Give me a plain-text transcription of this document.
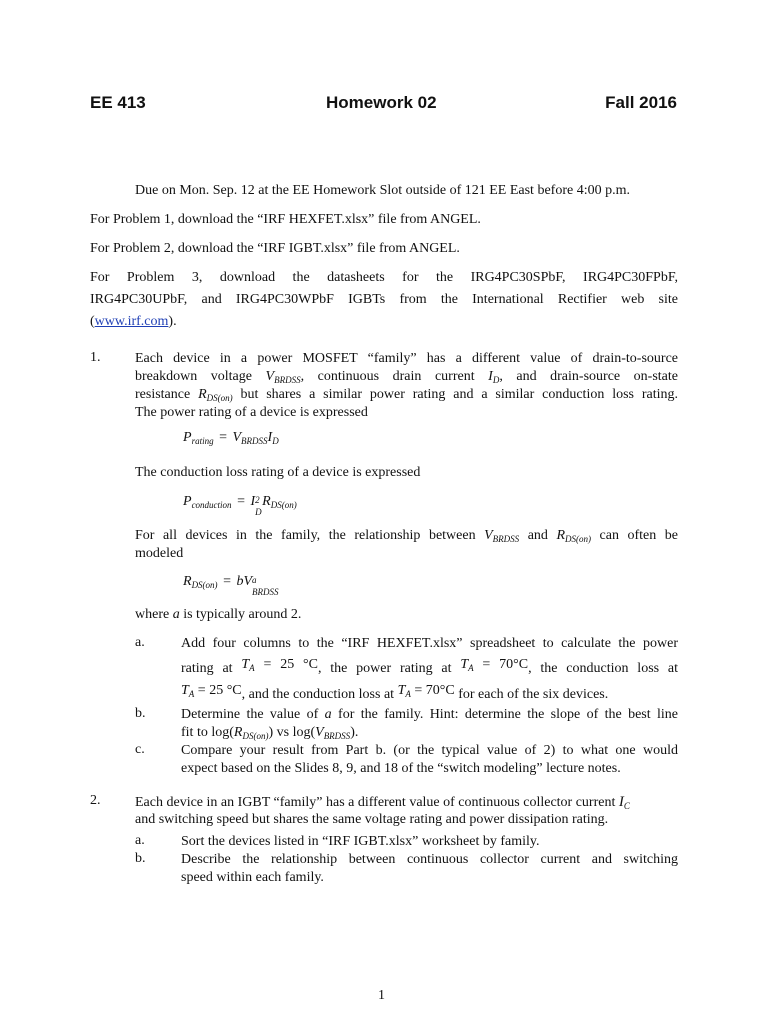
EE 413	Homework 02	Fall 2016
Due on Mon. Sep. 12 at the EE Homework Slot outside of 121 EE East before 4:00 p.m.
For Problem 1, download the “IRF HEXFET.xlsx” file from ANGEL.
For Problem 2, download the “IRF IGBT.xlsx” file from ANGEL.
For Problem 3, download the datasheets for the IRG4PC30SPbF, IRG4PC30FPbF,
IRG4PC30UPbF, and IRG4PC30WPbF IGBTs from the International Rectifier web site
(www.irf.com).
1. Each device in a power MOSFET “family” has a different value of drain-to-source
breakdown voltage $V_{BRDSS}$, continuous drain current $I_D$, and drain-source on-state
resistance $R_{DS(on)}$ but shares a similar power rating and a similar conduction loss rating.
The power rating of a device is expressed
$P_{rating} = V_{BRDSS}I_D$
The conduction loss rating of a device is expressed
$P_{conduction} = I$ 2
D
$R_{DS(on)}$
For all devices in the family, the relationship between $V_{BRDSS}$ and $R_{DS(on)}$ can often be
modeled
$R_{DS(on)}$ = bV a
BRDSS
where a is typically around 2.
a.	Add four columns to the “IRF HEXFET.xlsx” spreadsheet to calculate the power
rating at $T_A = 25$ °C, the power rating at $T_A = 70^\circ C$, the conduction loss at
$T_A = 25$ °C, and the conduction loss at $T_A = 70^\circ C$ for each of the six devices.
b.	Determine the value of a for the family. Hint: determine the slope of the best line
fit to $\log(R_{DS(on)})$ vs $\log(V_{BRDSS})$.
c.	Compare your result from Part b. (or the typical value of 2) to what one would
expect based on the Slides 8, 9, and 18 of the “switch modeling” lecture notes.
2. Each device in an IGBT “family” has a different value of continuous collector current $I_C$
and switching speed but shares the same voltage rating and power dissipation rating.
a.	Sort the devices listed in “IRF IGBT.xlsx” worksheet by family.
b.	Describe the relationship between continuous collector current and switching
speed within each family.
1
